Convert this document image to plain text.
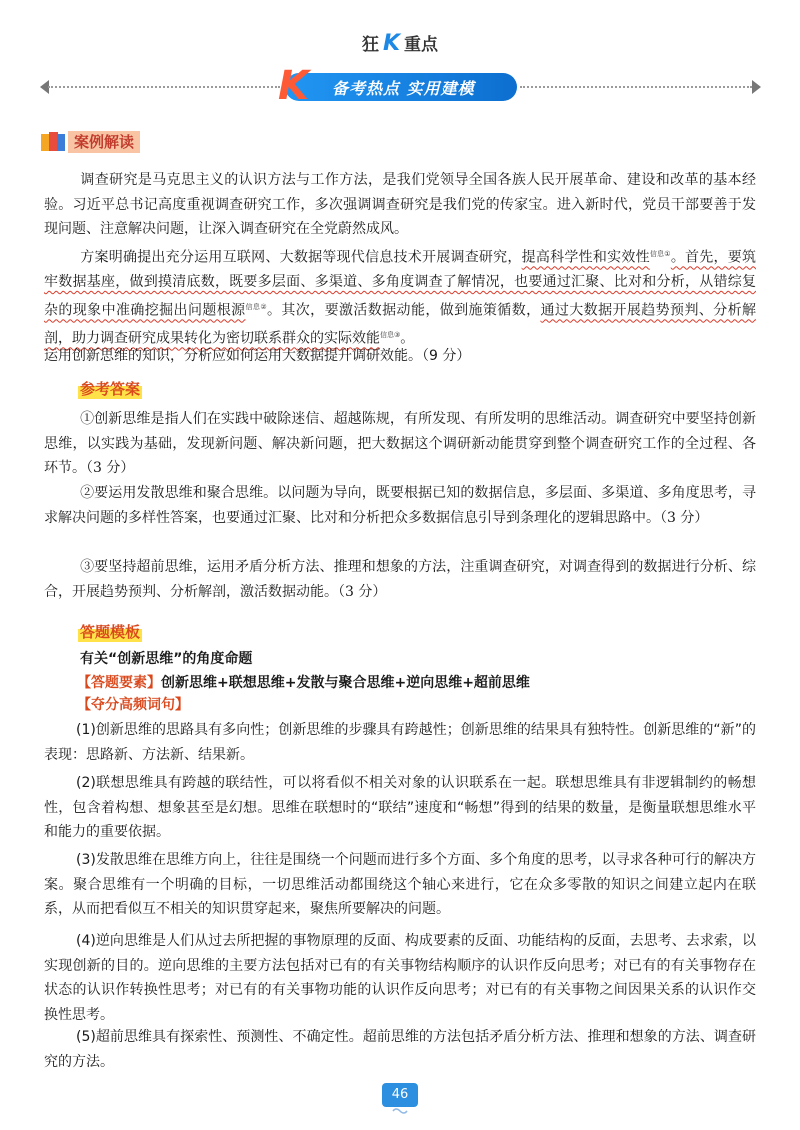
狂 K 重点
K 备考热点 实用建模
案例解读

调查研究是马克思主义的认识方法与工作方法，是我们党领导全国各族人民开展革命、建设和改革的基本经验。习近平总书记高度重视调查研究工作，多次强调调查研究是我们党的传家宝。进入新时代，党员干部要善于发现问题、注意解决问题，让深入调查研究在全党蔚然成风。

方案明确提出充分运用互联网、大数据等现代信息技术开展调查研究，提高科学性和实效性$^{信息①}$。首先，要筑牢数据基座，做到摸清底数，既要多层面、多渠道、多角度调查了解情况，也要通过汇聚、比对和分析，从错综复杂的现象中准确挖掘出问题根源$^{信息②}$。其次，要激活数据动能，做到施策循数，通过大数据开展趋势预判、分析解剖，助力调查研究成果转化为密切联系群众的实际效能$^{信息③}$。

运用创新思维的知识，分析应如何运用大数据提升调研效能。（9 分）
参考答案

①创新思维是指人们在实践中破除迷信、超越陈规，有所发现、有所发明的思维活动。调查研究中要坚持创新思维，以实践为基础，发现新问题、解决新问题，把大数据这个调研新动能贯穿到整个调查研究工作的全过程、各环节。（3 分）

②要运用发散思维和聚合思维。以问题为导向，既要根据已知的数据信息，多层面、多渠道、多角度思考，寻求解决问题的多样性答案，也要通过汇聚、比对和分析把众多数据信息引导到条理化的逻辑思路中。（3 分）

③要坚持超前思维，运用矛盾分析方法、推理和想象的方法，注重调查研究，对调查得到的数据进行分析、综合，开展趋势预判、分析解剖，激活数据动能。（3 分）

答题模板
有关“创新思维”的角度命题
【答题要素】创新思维+联想思维+发散与聚合思维+逆向思维+超前思维
【夺分高频词句】

(1)创新思维的思路具有多向性；创新思维的步骤具有跨越性；创新思维的结果具有独特性。创新思维的“新”的表现：思路新、方法新、结果新。

(2)联想思维具有跨越的联结性，可以将看似不相关对象的认识联系在一起。联想思维具有非逻辑制约的畅想性，包含着构想、想象甚至是幻想。思维在联想时的“联结”速度和“畅想”得到的结果的数量，是衡量联想思维水平和能力的重要依据。

(3)发散思维在思维方向上，往往是围绕一个问题而进行多个方面、多个角度的思考，以寻求各种可行的解决方案。聚合思维有一个明确的目标，一切思维活动都围绕这个轴心来进行，它在众多零散的知识之间建立起内在联系，从而把看似互不相关的知识贯穿起来，聚焦所要解决的问题。

(4)逆向思维是人们从过去所把握的事物原理的反面、构成要素的反面、功能结构的反面，去思考、去求索，以实现创新的目的。逆向思维的主要方法包括对已有的有关事物结构顺序的认识作反向思考；对已有的有关事物存在状态的认识作转换性思考；对已有的有关事物功能的认识作反向思考；对已有的有关事物之间因果关系的认识作交换性思考。

(5)超前思维具有探索性、预测性、不确定性。超前思维的方法包括矛盾分析方法、推理和想象的方法、调查研究的方法。

46
